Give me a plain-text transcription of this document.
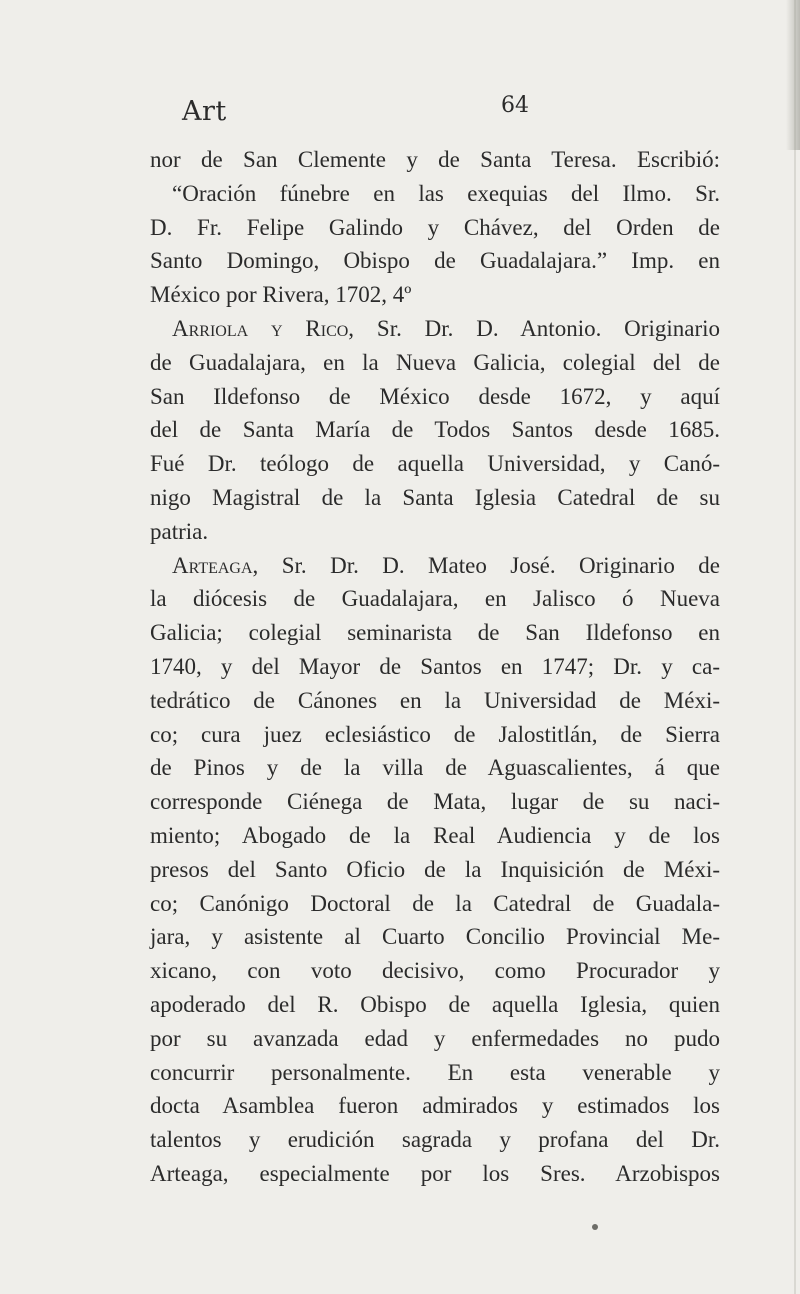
Art	64
nor de San Clemente y de Santa Teresa. Escribió:
“Oración fúnebre en las exequias del Ilmo. Sr.
D. Fr. Felipe Galindo y Chávez, del Orden de
Santo Domingo, Obispo de Guadalajara.” Imp. en
México por Rivera, 1702, 4º
Arriola y Rico, Sr. Dr. D. Antonio. Originario
de Guadalajara, en la Nueva Galicia, colegial del de
San Ildefonso de México desde 1672, y aquí
del de Santa María de Todos Santos desde 1685.
Fué Dr. teólogo de aquella Universidad, y Canó-
nigo Magistral de la Santa Iglesia Catedral de su
patria.
Arteaga, Sr. Dr. D. Mateo José. Originario de
la diócesis de Guadalajara, en Jalisco ó Nueva
Galicia; colegial seminarista de San Ildefonso en
1740, y del Mayor de Santos en 1747; Dr. y ca-
tedrático de Cánones en la Universidad de Méxi-
co; cura juez eclesiástico de Jalostitlán, de Sierra
de Pinos y de la villa de Aguascalientes, á que
corresponde Ciénega de Mata, lugar de su naci-
miento; Abogado de la Real Audiencia y de los
presos del Santo Oficio de la Inquisición de Méxi-
co; Canónigo Doctoral de la Catedral de Guadala-
jara, y asistente al Cuarto Concilio Provincial Me-
xicano, con voto decisivo, como Procurador y
apoderado del R. Obispo de aquella Iglesia, quien
por su avanzada edad y enfermedades no pudo
concurrir personalmente. En esta venerable y
docta Asamblea fueron admirados y estimados los
talentos y erudición sagrada y profana del Dr.
Arteaga, especialmente por los Sres. Arzobispos
